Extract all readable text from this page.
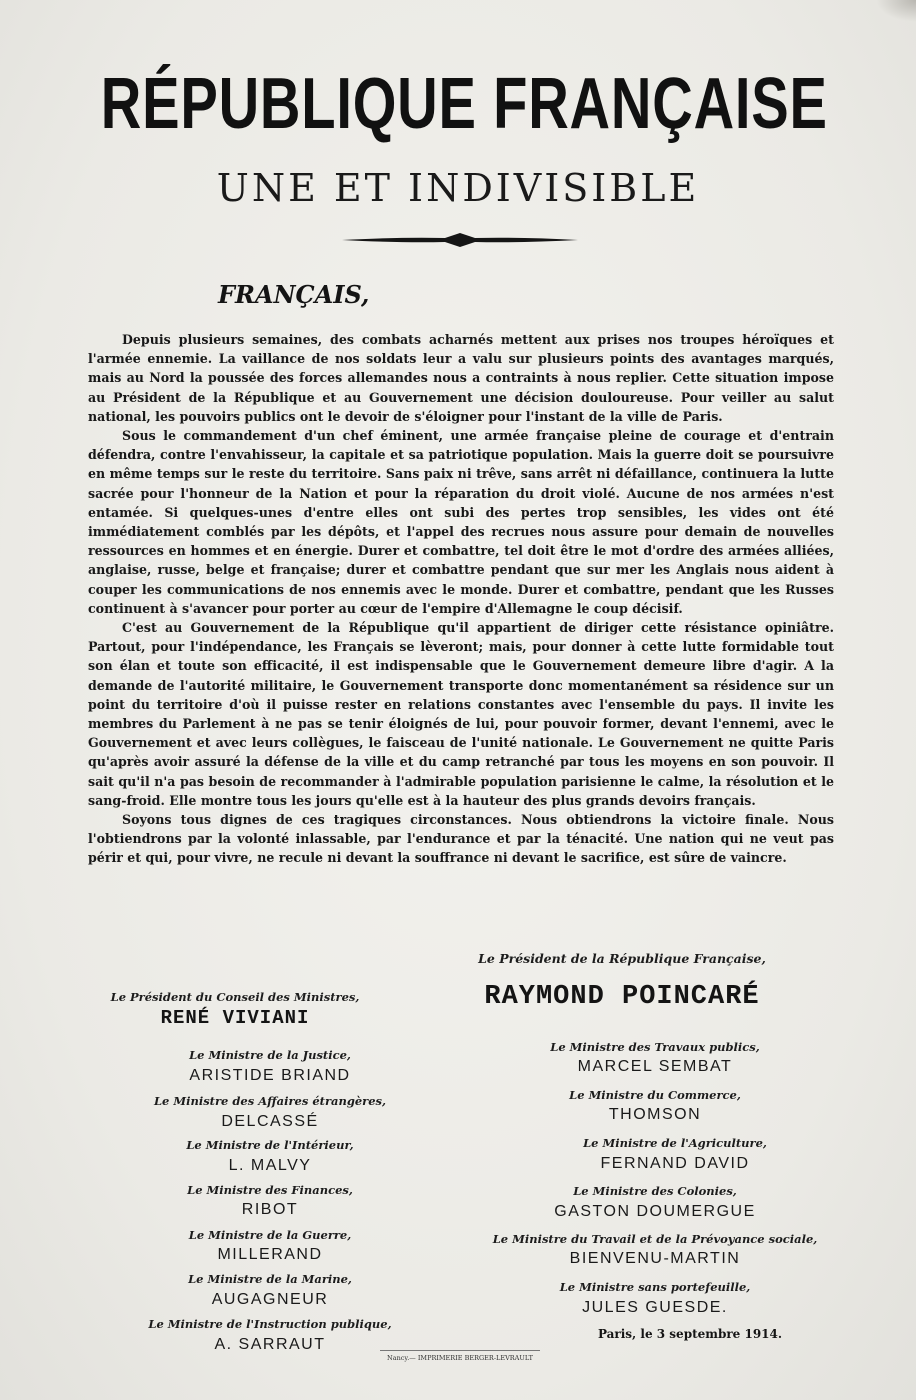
RÉPUBLIQUE FRANÇAISE
UNE ET INDIVISIBLE
FRANÇAIS,

Depuis plusieurs semaines, des combats acharnés mettent aux prises nos troupes héroïques et l'armée ennemie. La vaillance de nos soldats leur a valu sur plusieurs points des avantages marqués, mais au Nord la poussée des forces allemandes nous a contraints à nous replier. Cette situation impose au Président de la République et au Gouvernement une décision douloureuse. Pour veiller au salut national, les pouvoirs publics ont le devoir de s'éloigner pour l'instant de la ville de Paris.

Sous le commandement d'un chef éminent, une armée française pleine de courage et d'entrain défendra, contre l'envahisseur, la capitale et sa patriotique population. Mais la guerre doit se poursuivre en même temps sur le reste du territoire. Sans paix ni trêve, sans arrêt ni défaillance, continuera la lutte sacrée pour l'honneur de la Nation et pour la réparation du droit violé. Aucune de nos armées n'est entamée. Si quelques-unes d'entre elles ont subi des pertes trop sensibles, les vides ont été immédiatement comblés par les dépôts, et l'appel des recrues nous assure pour demain de nouvelles ressources en hommes et en énergie. Durer et combattre, tel doit être le mot d'ordre des armées alliées, anglaise, russe, belge et française; durer et combattre pendant que sur mer les Anglais nous aident à couper les communications de nos ennemis avec le monde. Durer et combattre, pendant que les Russes continuent à s'avancer pour porter au cœur de l'empire d'Allemagne le coup décisif.

C'est au Gouvernement de la République qu'il appartient de diriger cette résistance opiniâtre. Partout, pour l'indépendance, les Français se lèveront; mais, pour donner à cette lutte formidable tout son élan et toute son efficacité, il est indispensable que le Gouvernement demeure libre d'agir. A la demande de l'autorité militaire, le Gouvernement transporte donc momentanément sa résidence sur un point du territoire d'où il puisse rester en relations constantes avec l'ensemble du pays. Il invite les membres du Parlement à ne pas se tenir éloignés de lui, pour pouvoir former, devant l'ennemi, avec le Gouvernement et avec leurs collègues, le faisceau de l'unité nationale. Le Gouvernement ne quitte Paris qu'après avoir assuré la défense de la ville et du camp retranché par tous les moyens en son pouvoir. Il sait qu'il n'a pas besoin de recommander à l'admirable population parisienne le calme, la résolution et le sang-froid. Elle montre tous les jours qu'elle est à la hauteur des plus grands devoirs français.

Soyons tous dignes de ces tragiques circonstances. Nous obtiendrons la victoire finale. Nous l'obtiendrons par la volonté inlassable, par l'endurance et par la ténacité. Une nation qui ne veut pas périr et qui, pour vivre, ne recule ni devant la souffrance ni devant le sacrifice, est sûre de vaincre.

Le Président de la République Française,
RAYMOND POINCARÉ
Le Président du Conseil des Ministres,
RENÉ VIVIANI
Le Ministre de la Justice,
ARISTIDE BRIAND
Le Ministre des Affaires étrangères,
DELCASSÉ
Le Ministre de l'Intérieur,
L. MALVY
Le Ministre des Finances,
RIBOT
Le Ministre de la Guerre,
MILLERAND
Le Ministre de la Marine,
AUGAGNEUR
Le Ministre de l'Instruction publique,
A. SARRAUT
Le Ministre des Travaux publics,
MARCEL SEMBAT
Le Ministre du Commerce,
THOMSON
Le Ministre de l'Agriculture,
FERNAND DAVID
Le Ministre des Colonies,
GASTON DOUMERGUE
Le Ministre du Travail et de la Prévoyance sociale,
BIENVENU-MARTIN
Le Ministre sans portefeuille,
JULES GUESDE.
Paris, le 3 septembre 1914.
Nancy.— IMPRIMERIE BERGER-LEVRAULT
